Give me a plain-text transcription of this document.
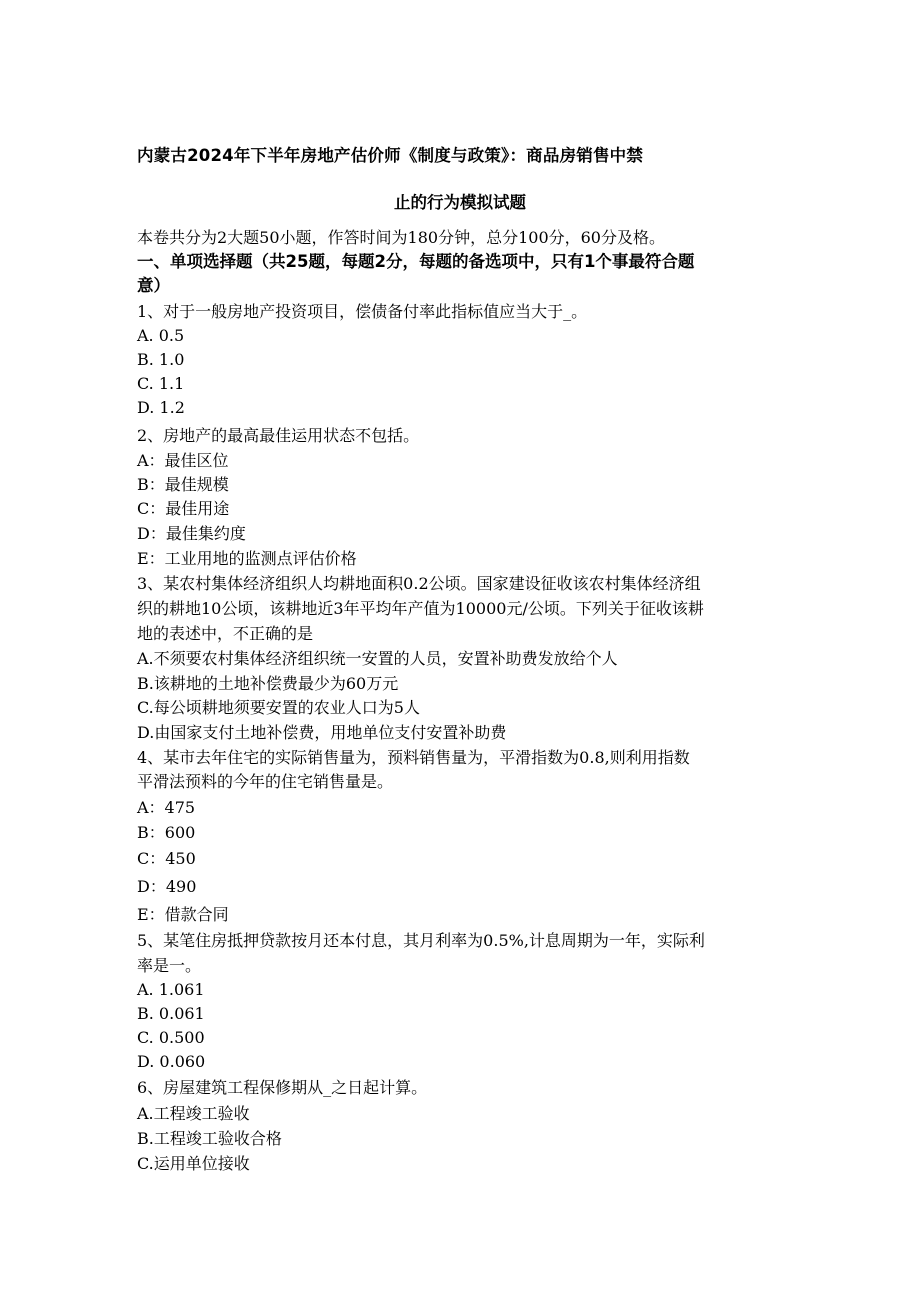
内蒙古2024年下半年房地产估价师《制度与政策》：商品房销售中禁
止的行为模拟试题
本卷共分为2大题50小题，作答时间为180分钟，总分100分，60分及格。
一、单项选择题（共25题，每题2分，每题的备选项中，只有1个事最符合题
意）
1、对于一般房地产投资项目，偿债备付率此指标值应当大于_。
A. 0.5
B. 1.0
C. 1.1
D. 1.2
2、房地产的最高最佳运用状态不包括。
A：最佳区位
B：最佳规模
C：最佳用途
D：最佳集约度
E：工业用地的监测点评估价格
3、某农村集体经济组织人均耕地面积0.2公顷。国家建设征收该农村集体经济组
织的耕地10公顷，该耕地近3年平均年产值为10000元/公顷。下列关于征收该耕
地的表述中，不正确的是
A.不须要农村集体经济组织统一安置的人员，安置补助费发放给个人
B.该耕地的土地补偿费最少为60万元
C.每公顷耕地须要安置的农业人口为5人
D.由国家支付土地补偿费，用地单位支付安置补助费
4、某市去年住宅的实际销售量为，预料销售量为，平滑指数为0.8,则利用指数
平滑法预料的今年的住宅销售量是。
A：475
B：600
C：450
D：490
E：借款合同
5、某笔住房抵押贷款按月还本付息，其月利率为0.5%,计息周期为一年，实际利
率是一。
A. 1.061
B. 0.061
C. 0.500
D. 0.060
6、房屋建筑工程保修期从_之日起计算。
A.工程竣工验收
B.工程竣工验收合格
C.运用单位接收
